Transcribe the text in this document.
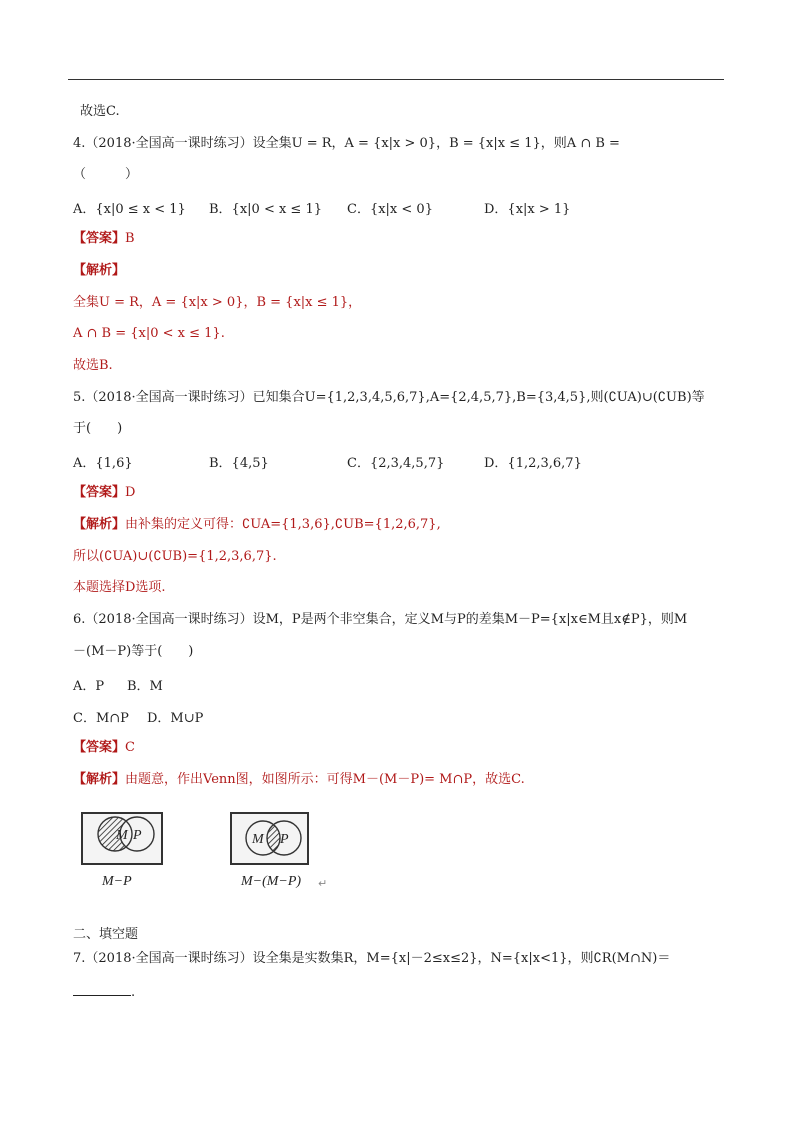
故选C.
4.（2018·全国高一课时练习）设全集U = R，A = {x|x > 0}，B = {x|x ≤ 1}，则A ∩ B =
（　　　）
A．{x|0 ≤ x < 1} B．{x|0 < x ≤ 1} C．{x|x < 0}	D．{x|x > 1}
【答案】B
【解析】
全集U = R，A = {x|x > 0}，B = {x|x ≤ 1}，
A ∩ B = {x|0 < x ≤ 1}.
故选B.
5.（2018·全国高一课时练习）已知集合U={1,2,3,4,5,6,7},A={2,4,5,7},B={3,4,5},则(∁UA)∪(∁UB)等
于(　　)
A．{1,6}	B．{4,5}	C．{2,3,4,5,7}	D．{1,2,3,6,7}
【答案】D
【解析】由补集的定义可得：∁UA={1,3,6},∁UB={1,2,6,7},
所以(∁UA)∪(∁UB)={1,2,3,6,7}.
本题选择D选项.
6.（2018·全国高一课时练习）设M，P是两个非空集合，定义M与P的差集M－P={x|x∈M且x∉P}，则M
－(M－P)等于(　　)
A．P B．M
C．M∩P D．M∪P
【答案】C
【解析】由题意，作出Venn图，如图所示：可得M－(M－P)= M∩P，故选C.
M P
M−P
M P
M−(M−P) ↵
二、填空题
7.（2018·全国高一课时练习）设全集是实数集R，M={x|－2≤x≤2}，N={x|x<1}，则∁R(M∩N)＝
.
